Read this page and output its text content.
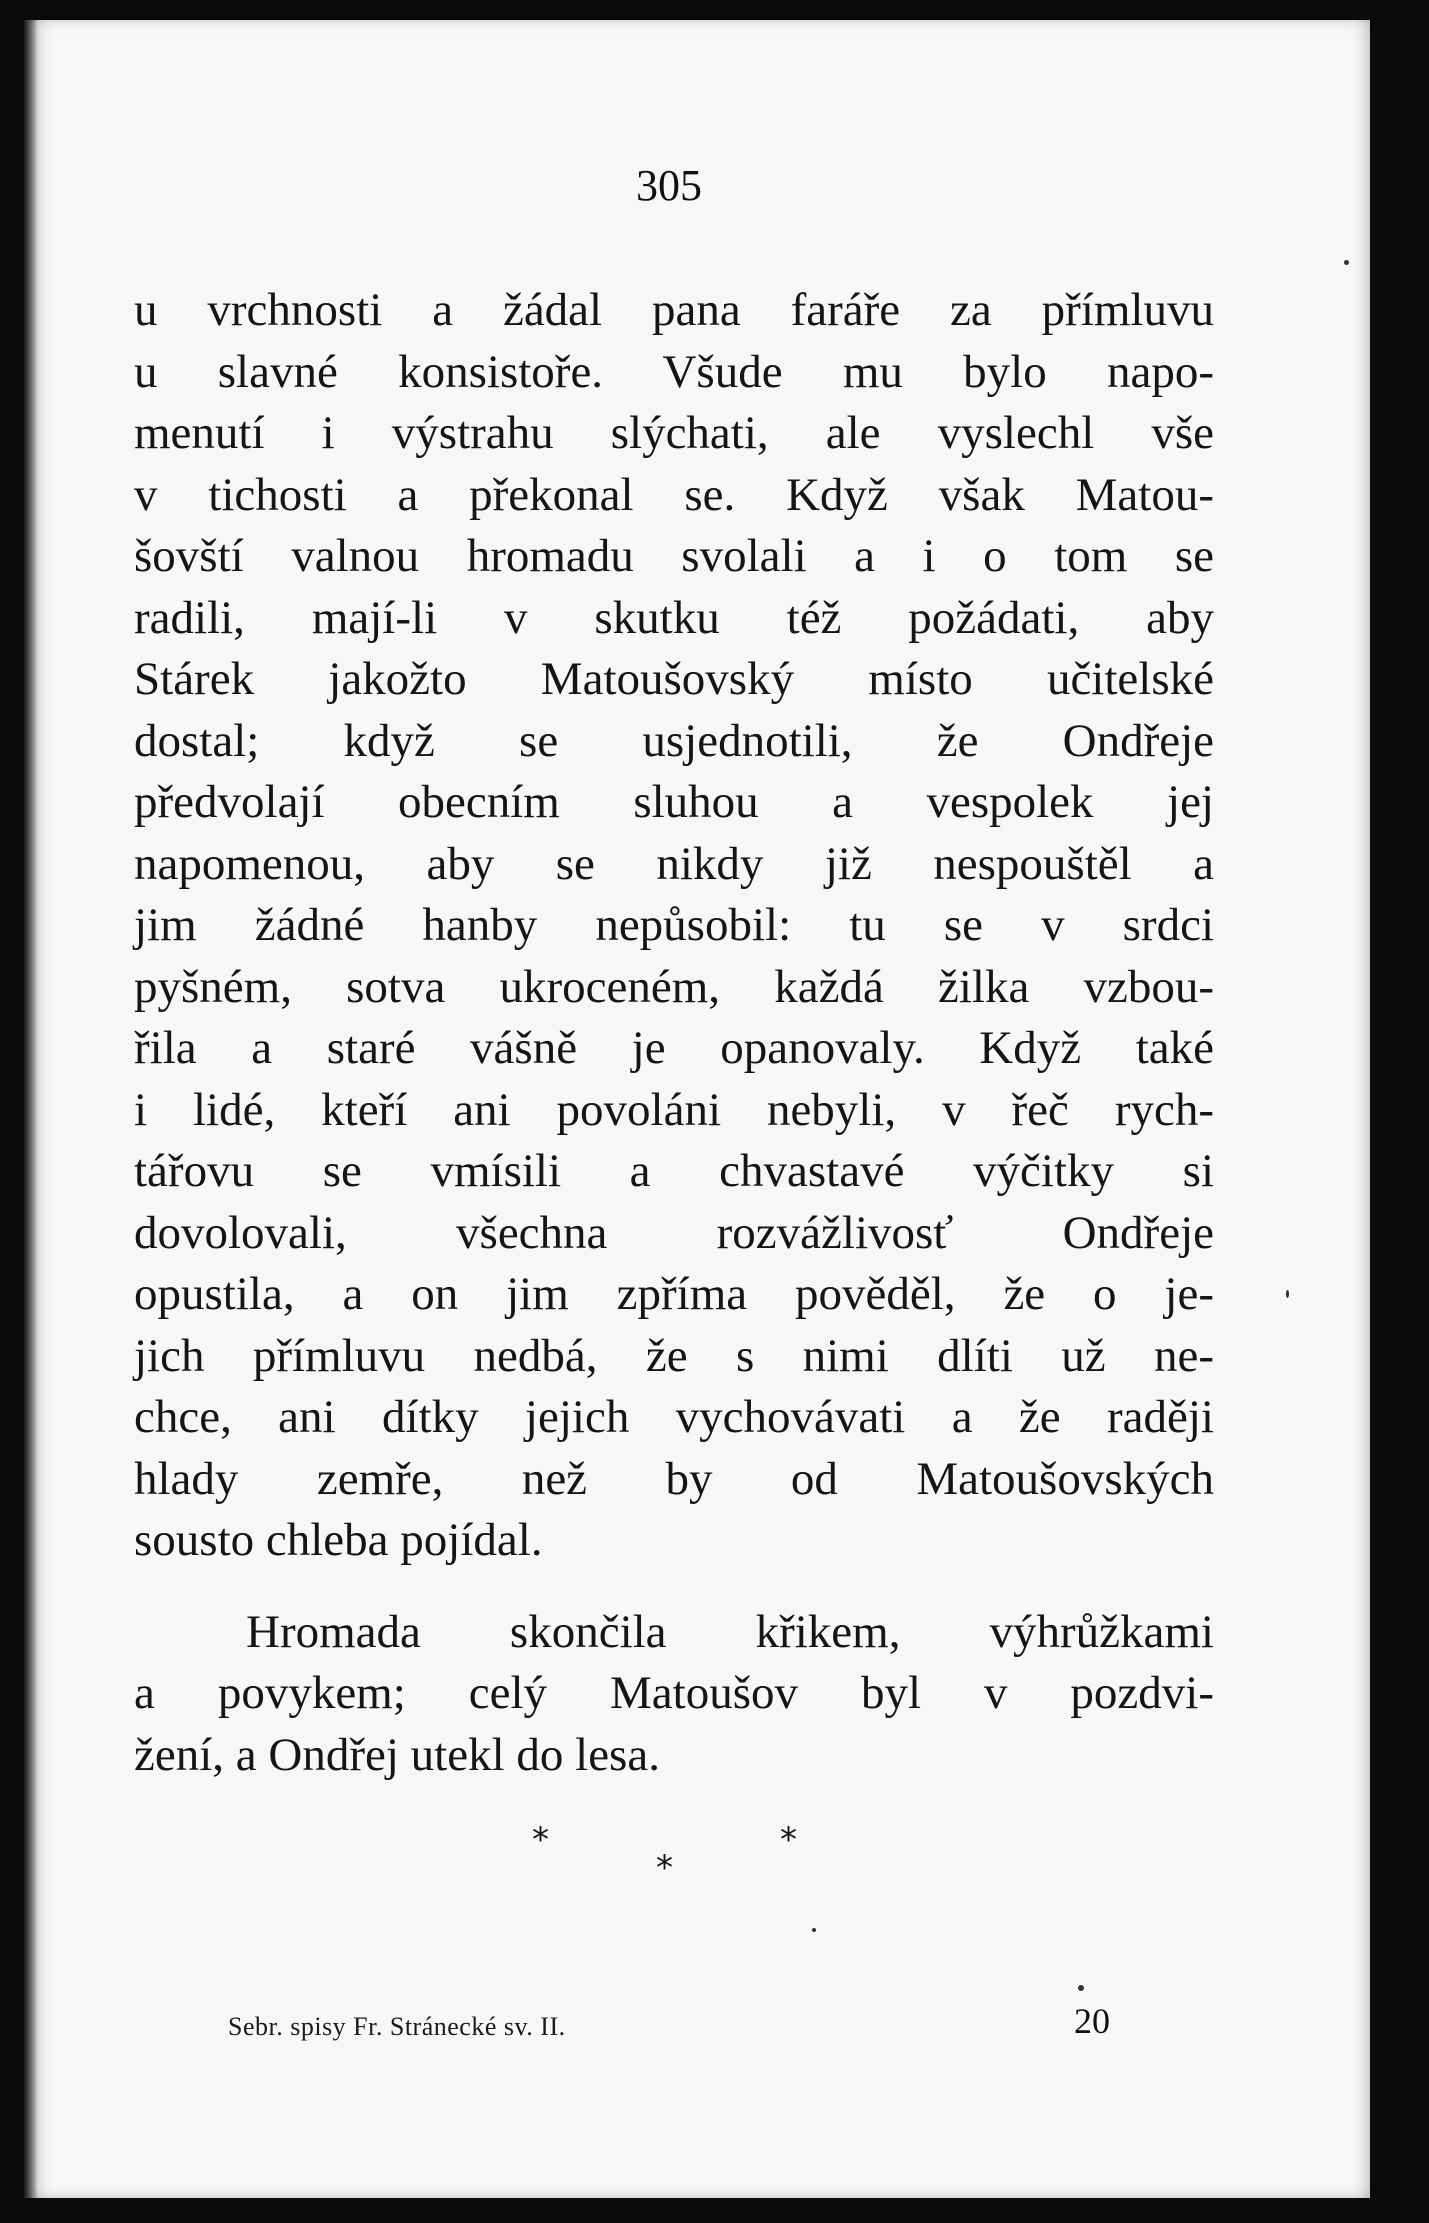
305
u vrchnosti a žádal pana faráře za přímluvu
u slavné konsistoře. Všude mu bylo napo-
menutí i výstrahu slýchati, ale vyslechl vše
v tichosti a překonal se. Když však Matou-
šovští valnou hromadu svolali a i o tom se
radili, mají-li v skutku též požádati, aby
Stárek jakožto Matoušovský místo učitelské
dostal; když se usjednotili, že Ondřeje
předvolají obecním sluhou a vespolek jej
napomenou, aby se nikdy již nespouštěl a
jim žádné hanby nepůsobil: tu se v srdci
pyšném, sotva ukroceném, každá žilka vzbou-
řila a staré vášně je opanovaly. Když také
i lidé, kteří ani povoláni nebyli, v řeč rych-
tářovu se vmísili a chvastavé výčitky si
dovolovali, všechna rozvážlivosť Ondřeje
opustila, a on jim zpříma pověděl, že o je-
jich přímluvu nedbá, že s nimi dlíti už ne-
chce, ani dítky jejich vychovávati a že raději
hlady zemře, než by od Matoušovských
sousto chleba pojídal.
Hromada skončila křikem, výhrůžkami
a povykem; celý Matoušov byl v pozdvi-
žení, a Ondřej utekl do lesa.
*
*
*
Sebr. spisy Fr. Stránecké sv. II.	20
